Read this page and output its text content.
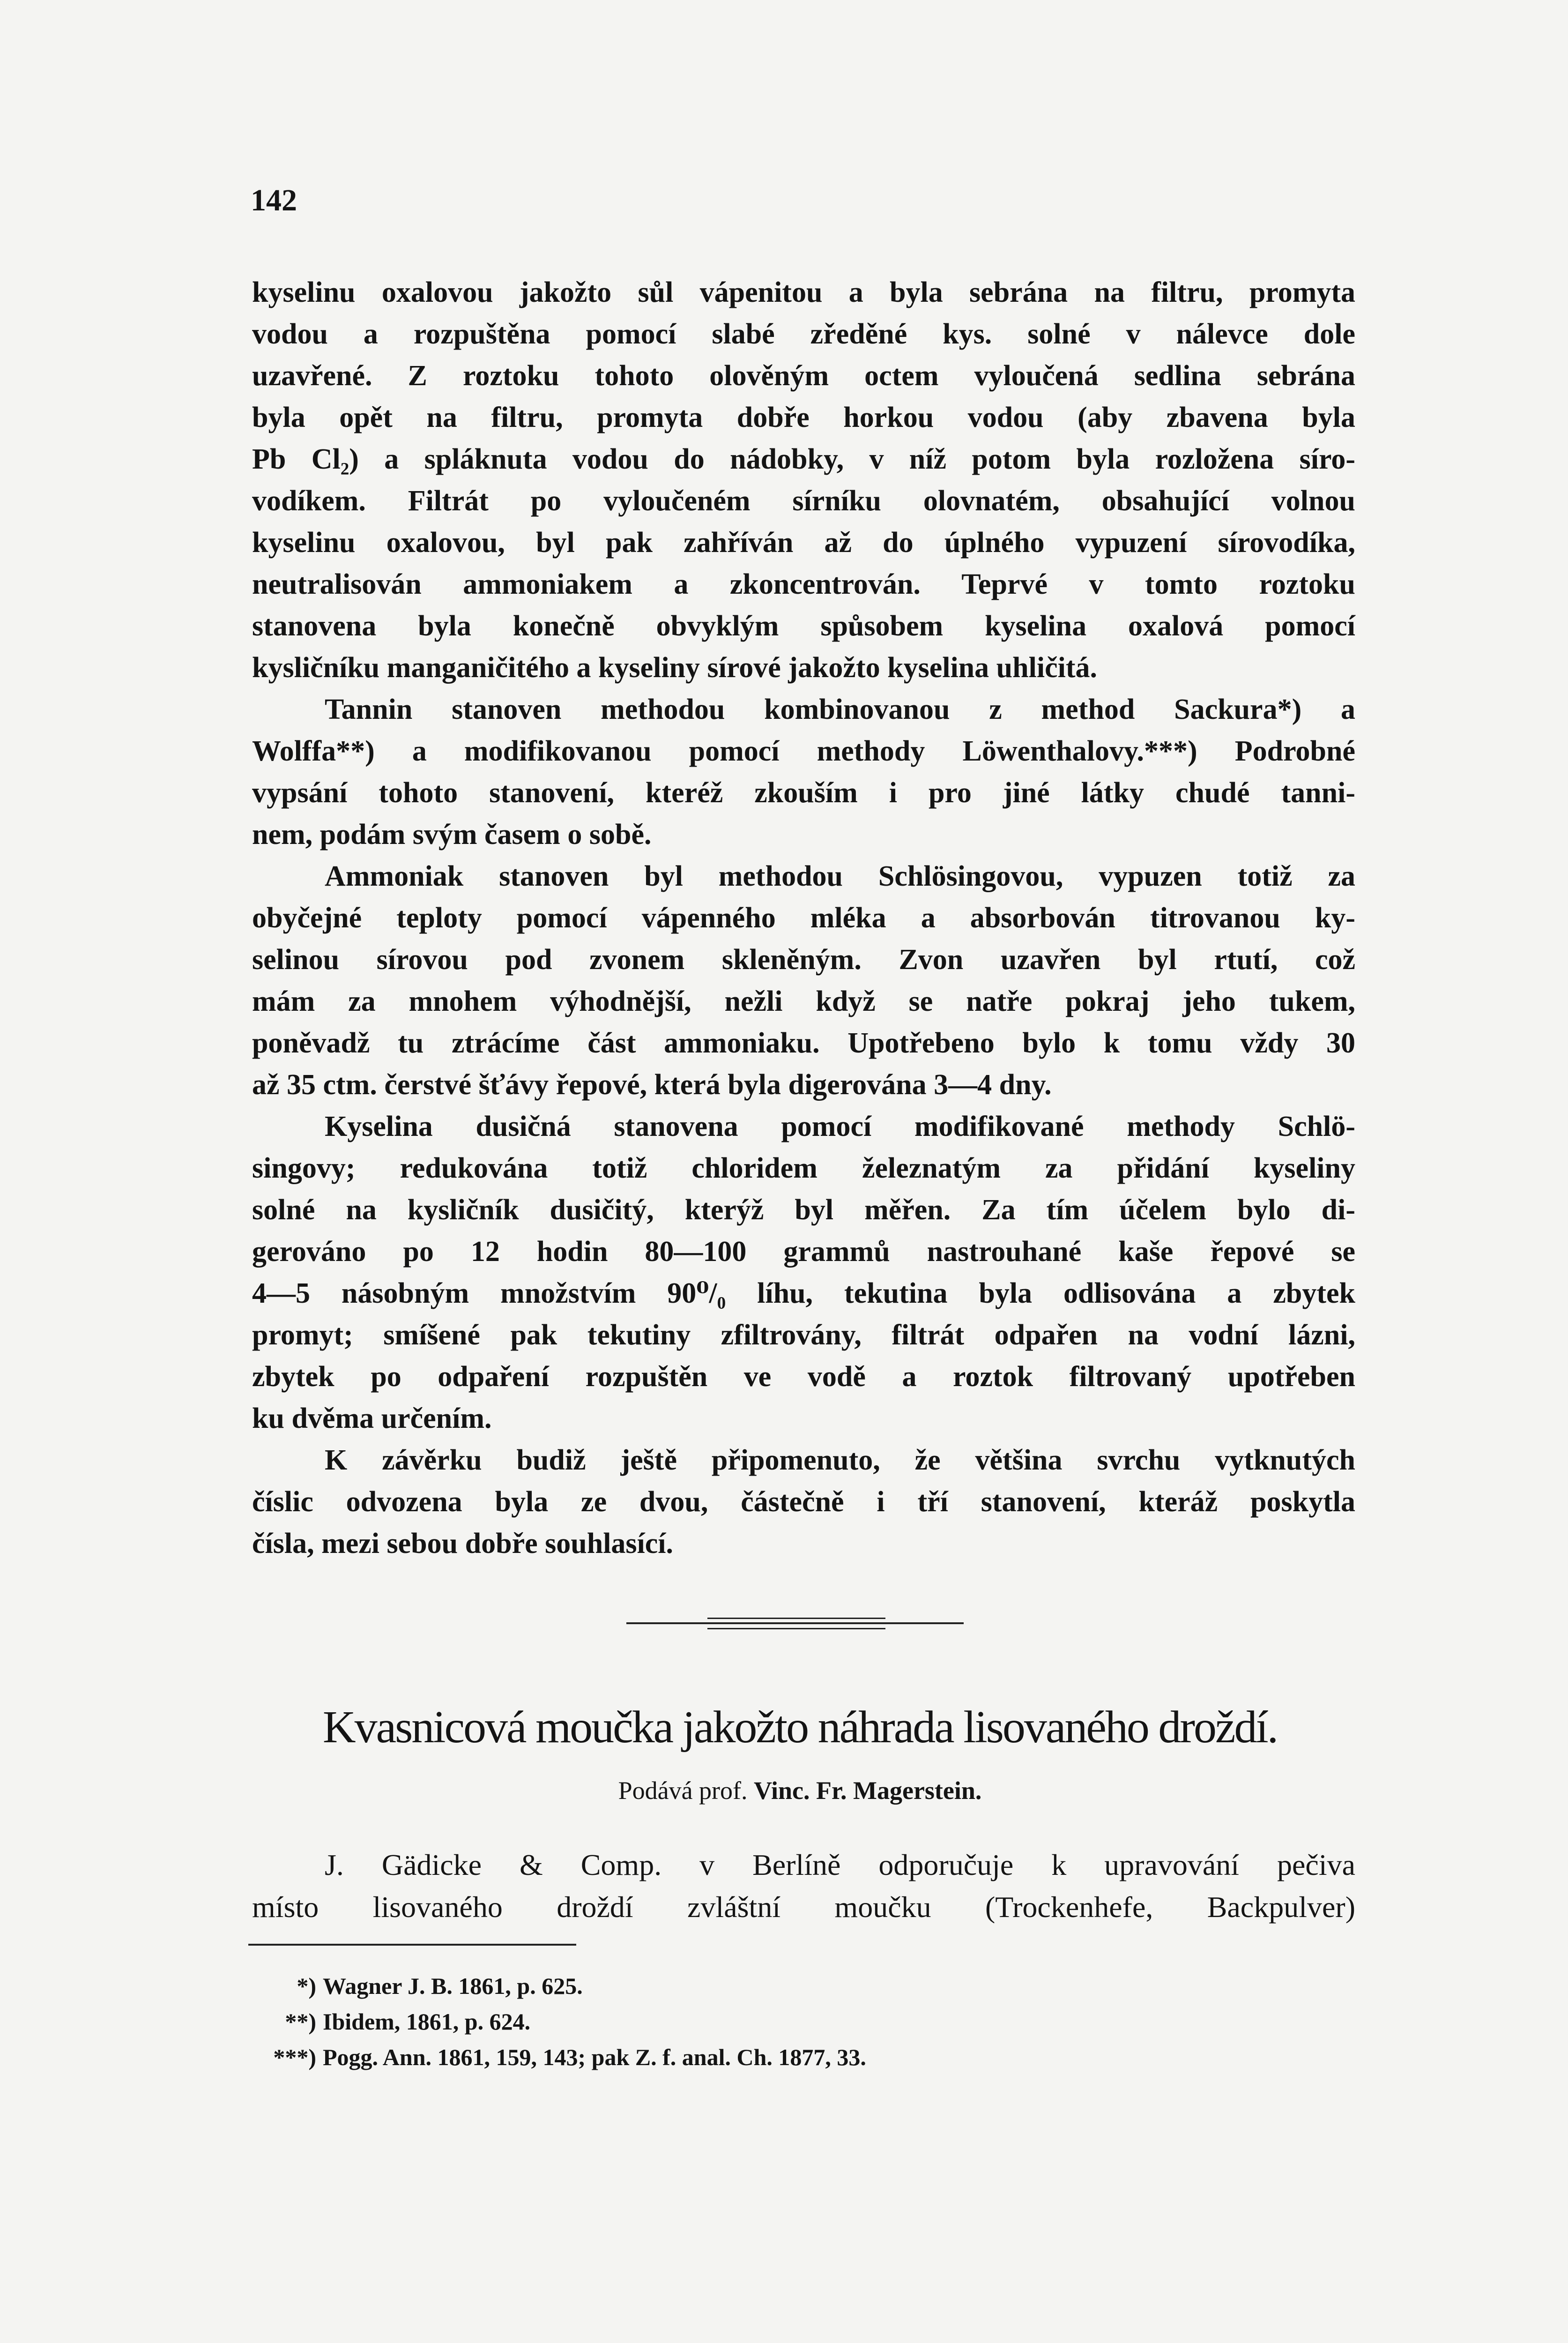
142
kyselinu oxalovou jakožto sůl vápenitou a byla sebrána na filtru, promyta
vodou a rozpuštěna pomocí slabé zředěné kys. solné v nálevce dole
uzavřené. Z roztoku tohoto olověným octem vyloučená sedlina sebrána
byla opět na filtru, promyta dobře horkou vodou (aby zbavena byla
Pb Cl₂) a spláknuta vodou do nádobky, v níž potom byla rozložena síro-
vodíkem. Filtrát po vyloučeném sírníku olovnatém, obsahující volnou
kyselinu oxalovou, byl pak zahříván až do úplného vypuzení sírovodíka,
neutralisován ammoniakem a zkoncentrován. Teprvé v tomto roztoku
stanovena byla konečně obvyklým spůsobem kyselina oxalová pomocí
kysličníku manganičitého a kyseliny sírové jakožto kyselina uhličitá.
Tannin stanoven methodou kombinovanou z method Sackura*) a
Wolffa**) a modifikovanou pomocí methody Löwenthalovy.***) Podrobné
vypsání tohoto stanovení, kteréž zkouším i pro jiné látky chudé tanni-
nem, podám svým časem o sobě.
Ammoniak stanoven byl methodou Schlösingovou, vypuzen totiž za
obyčejné teploty pomocí vápenného mléka a absorbován titrovanou ky-
selinou sírovou pod zvonem skleněným. Zvon uzavřen byl rtutí, což
mám za mnohem výhodnější, nežli když se natře pokraj jeho tukem,
poněvadž tu ztrácíme část ammoniaku. Upotřebeno bylo k tomu vždy 30
až 35 ctm. čerstvé šťávy řepové, která byla digerována 3—4 dny.
Kyselina dusičná stanovena pomocí modifikované methody Schlö-
singovy; redukována totiž chloridem železnatým za přidání kyseliny
solné na kysličník dusičitý, kterýž byl měřen. Za tím účelem bylo di-
gerováno po 12 hodin 80—100 grammů nastrouhané kaše řepové se
4—5 násobným množstvím 90⁰/₀ líhu, tekutina byla odlisována a zbytek
promyt; smíšené pak tekutiny zfiltrovány, filtrát odpařen na vodní lázni,
zbytek po odpaření rozpuštěn ve vodě a roztok filtrovaný upotřeben
ku dvěma určením.
K závěrku budiž ještě připomenuto, že většina svrchu vytknutých
číslic odvozena byla ze dvou, částečně i tří stanovení, kteráž poskytla
čísla, mezi sebou dobře souhlasící.
Kvasnicová moučka jakožto náhrada lisovaného droždí.
Podává prof. Vinc. Fr. Magerstein.
J. Gädicke & Comp. v Berlíně odporučuje k upravování pečiva
místo lisovaného droždí zvláštní moučku (Trockenhefe, Backpulver)
*) Wagner J. B. 1861, p. 625.
**) Ibidem, 1861, p. 624.
***) Pogg. Ann. 1861, 159, 143; pak Z. f. anal. Ch. 1877, 33.
